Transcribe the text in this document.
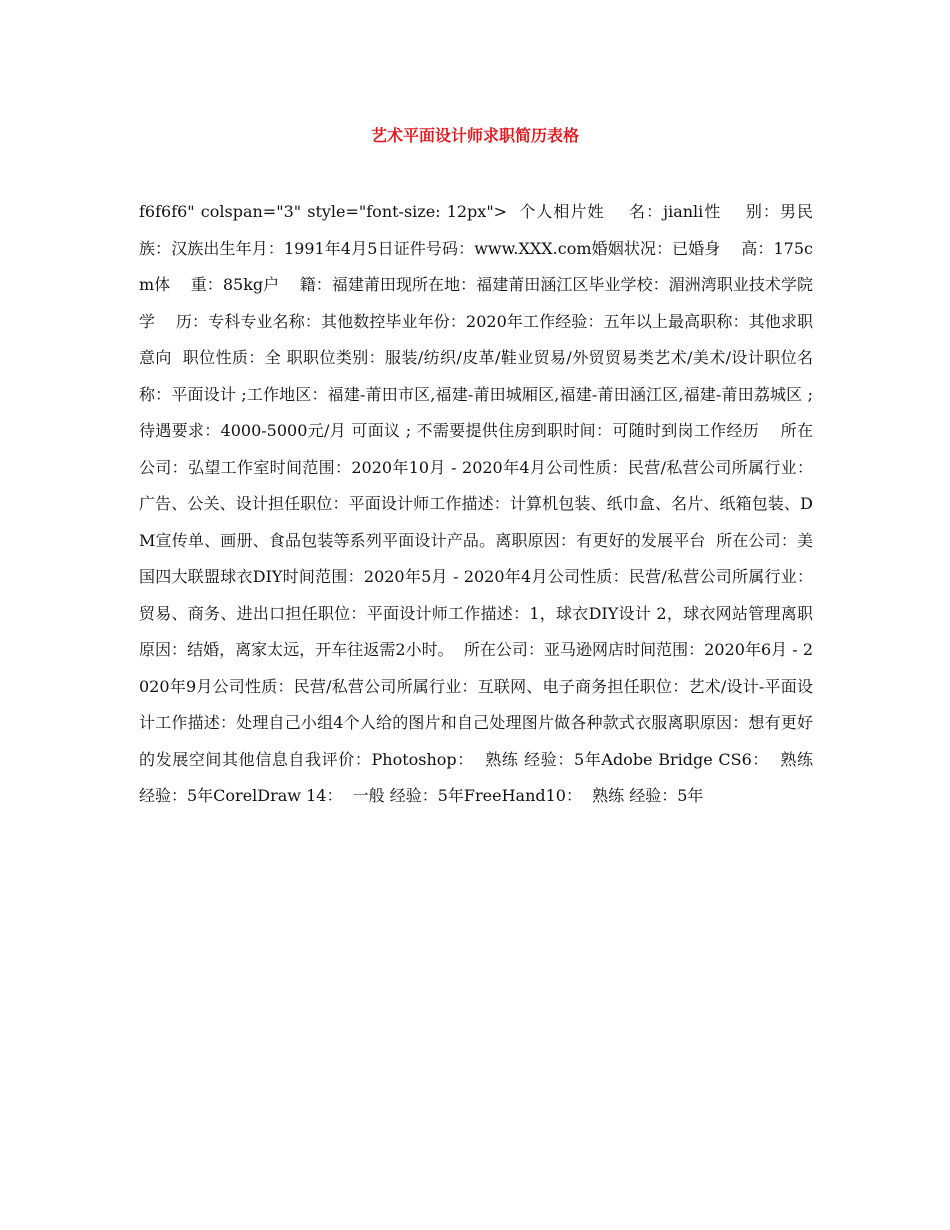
艺术平面设计师求职简历表格

f6f6f6" colspan="3" style="font-size: 12px">  个人相片姓    名：jianli性    别：男民    族：汉族出生年月：1991年4月5日证件号码：www.XXX.com婚姻状况：已婚身    高：175cm体    重：85kg户    籍：福建莆田现所在地：福建莆田涵江区毕业学校：湄洲湾职业技术学院学    历：专科专业名称：其他数控毕业年份：2020年工作经验：五年以上最高职称：其他求职意向  职位性质：全 职职位类别：服装/纺织/皮革/鞋业贸易/外贸贸易类艺术/美术/设计职位名称：平面设计 ;工作地区：福建-莆田市区,福建-莆田城厢区,福建-莆田涵江区,福建-莆田荔城区 ;待遇要求：4000-5000元/月 可面议 ; 不需要提供住房到职时间：可随时到岗工作经历    所在公司：弘望工作室时间范围：2020年10月 - 2020年4月公司性质：民营/私营公司所属行业：广告、公关、设计担任职位：平面设计师工作描述：计算机包装、纸巾盒、名片、纸箱包装、DM宣传单、画册、食品包装等系列平面设计产品。离职原因：有更好的发展平台  所在公司：美国四大联盟球衣DIY时间范围：2020年5月 - 2020年4月公司性质：民营/私营公司所属行业：贸易、商务、进出口担任职位：平面设计师工作描述：1，球衣DIY设计 2，球衣网站管理离职原因：结婚，离家太远，开车往返需2小时。  所在公司：亚马逊网店时间范围：2020年6月 - 2020年9月公司性质：民营/私营公司所属行业：互联网、电子商务担任职位：艺术/设计-平面设计工作描述：处理自己小组4个人给的图片和自己处理图片做各种款式衣服离职原因：想有更好的发展空间其他信息自我评价：Photoshop：  熟练 经验：5年Adobe Bridge CS6：  熟练 经验：5年CorelDraw 14：  一般 经验：5年FreeHand10：  熟练 经验：5年
